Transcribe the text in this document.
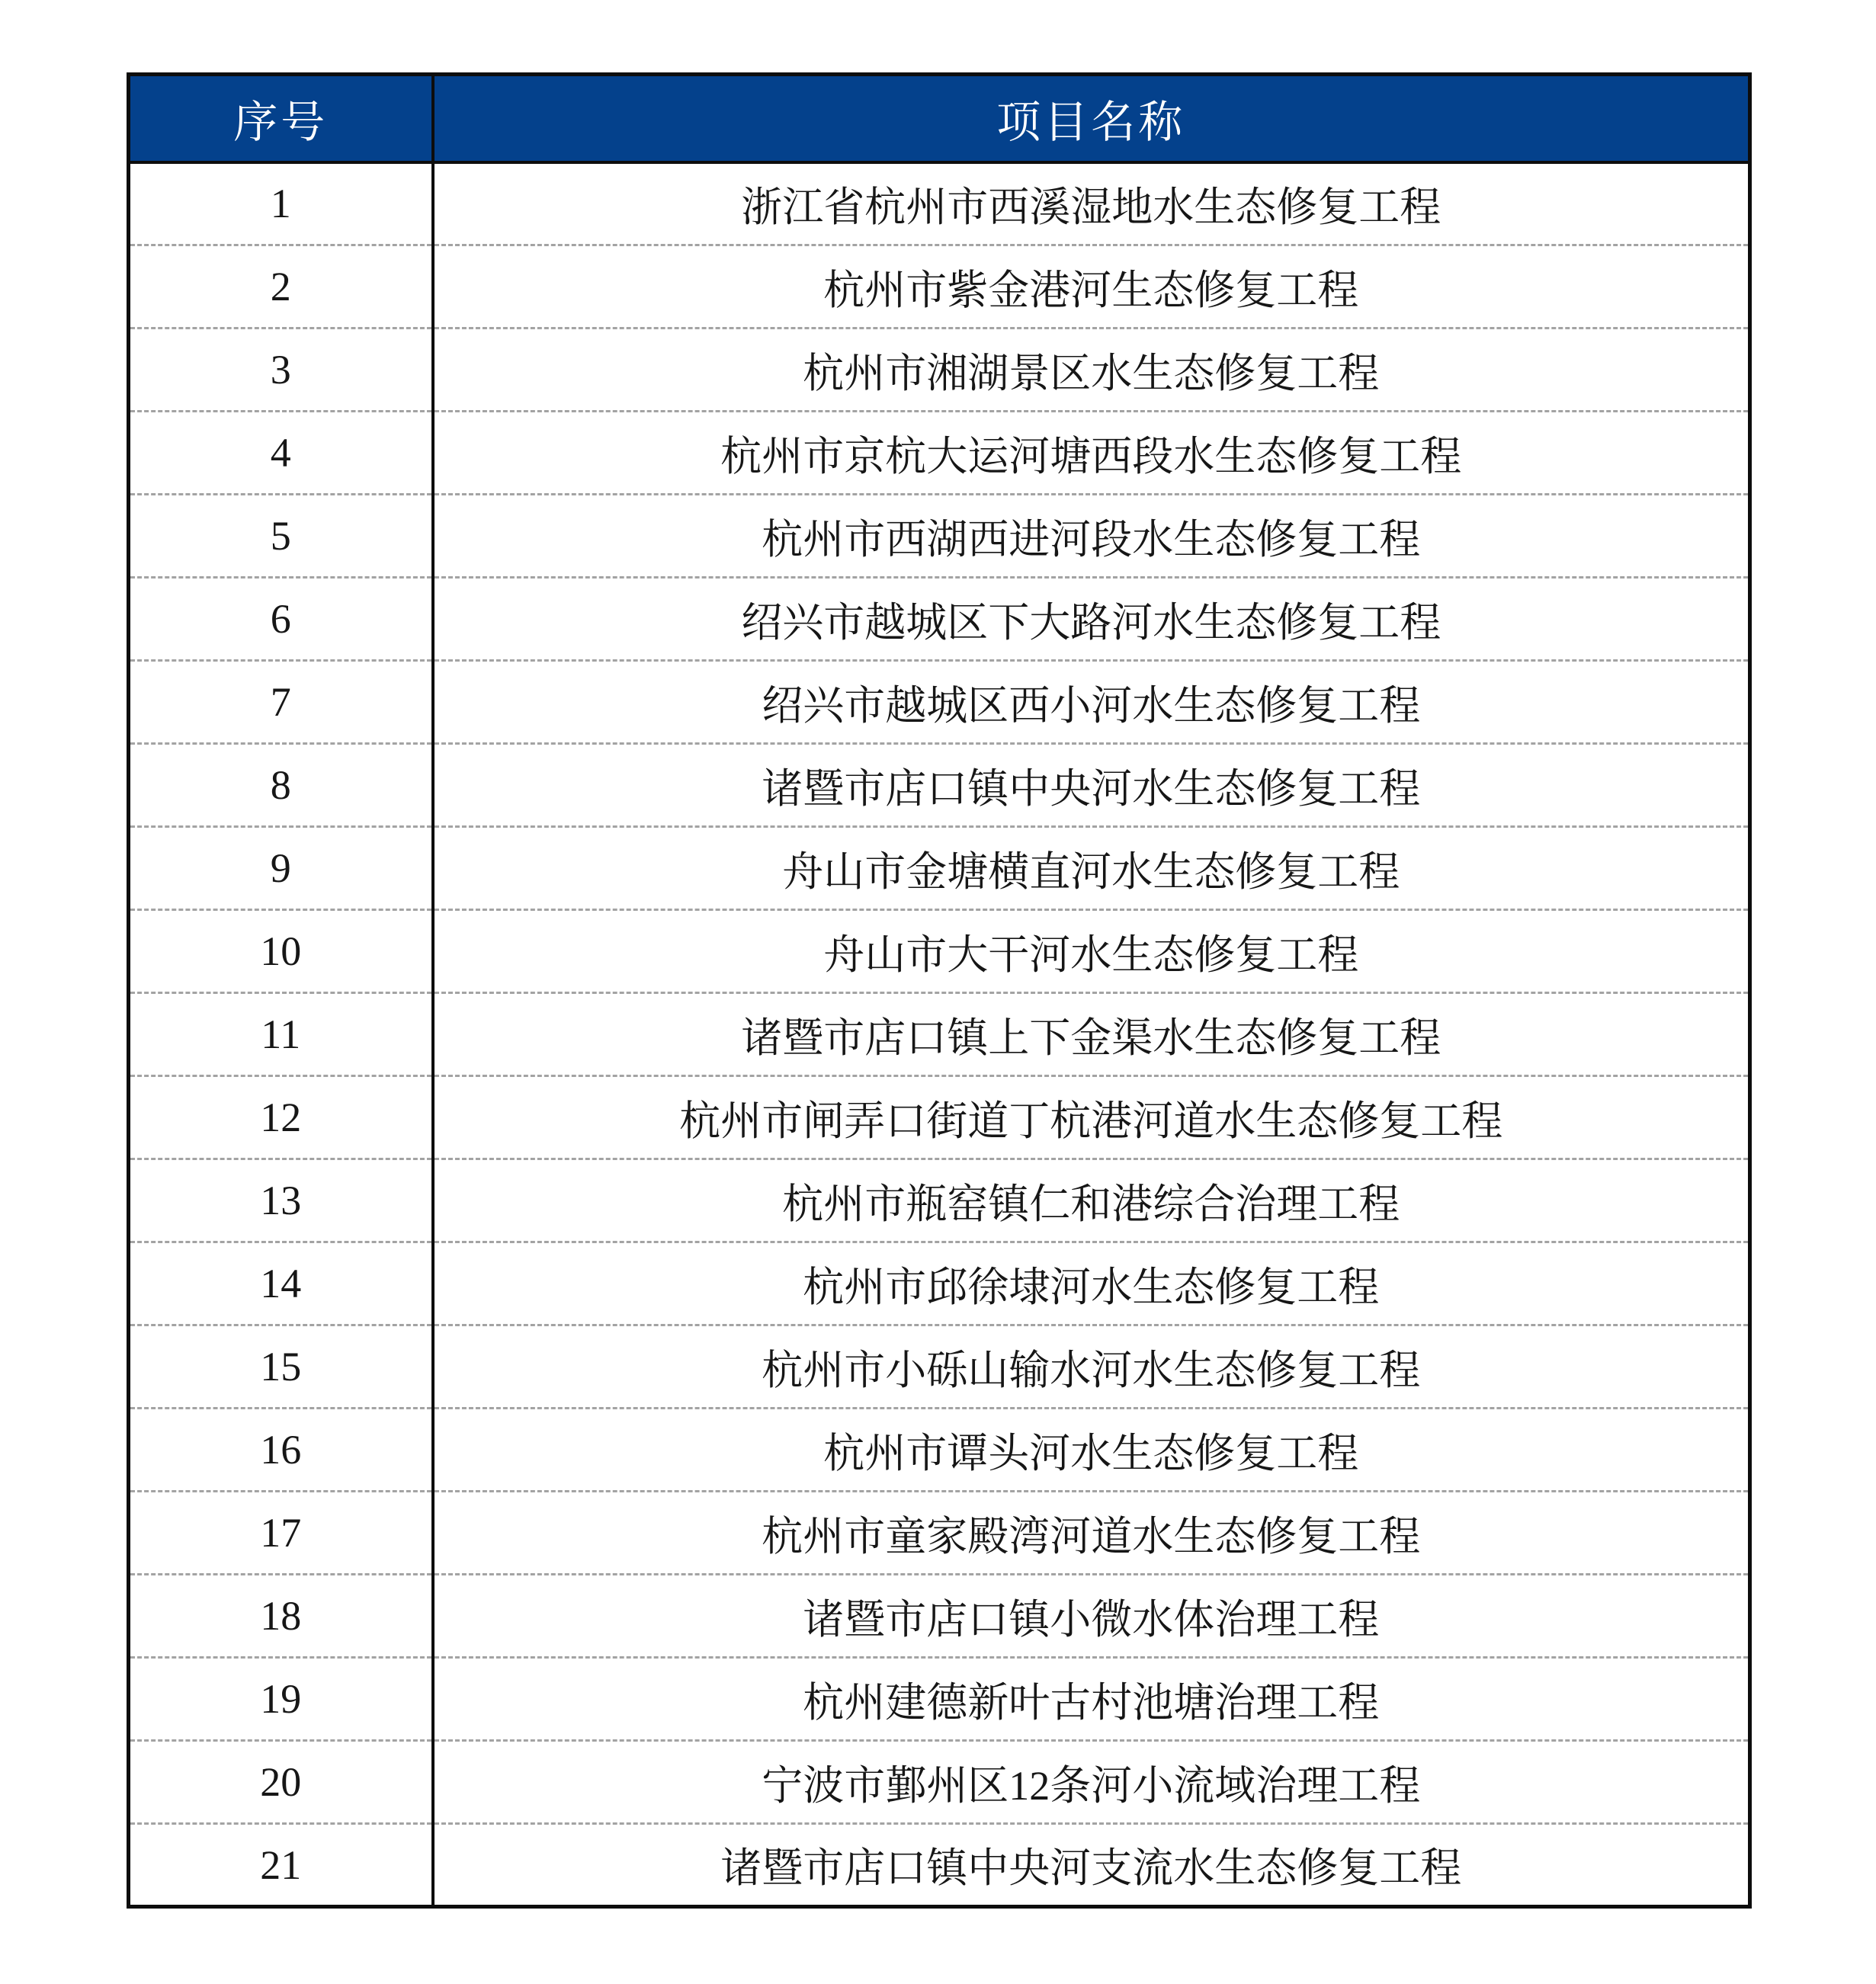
序号	项目名称
1	浙江省杭州市西溪湿地水生态修复工程
2	杭州市紫金港河生态修复工程
3	杭州市湘湖景区水生态修复工程
4	杭州市京杭大运河塘西段水生态修复工程
5	杭州市西湖西进河段水生态修复工程
6	绍兴市越城区下大路河水生态修复工程
7	绍兴市越城区西小河水生态修复工程
8	诸暨市店口镇中央河水生态修复工程
9	舟山市金塘横直河水生态修复工程
10	舟山市大干河水生态修复工程
11	诸暨市店口镇上下金渠水生态修复工程
12	杭州市闸弄口街道丁杭港河道水生态修复工程
13	杭州市瓶窑镇仁和港综合治理工程
14	杭州市邱徐埭河水生态修复工程
15	杭州市小砾山输水河水生态修复工程
16	杭州市谭头河水生态修复工程
17	杭州市童家殿湾河道水生态修复工程
18	诸暨市店口镇小微水体治理工程
19	杭州建德新叶古村池塘治理工程
20	宁波市鄞州区12条河小流域治理工程
21	诸暨市店口镇中央河支流水生态修复工程
